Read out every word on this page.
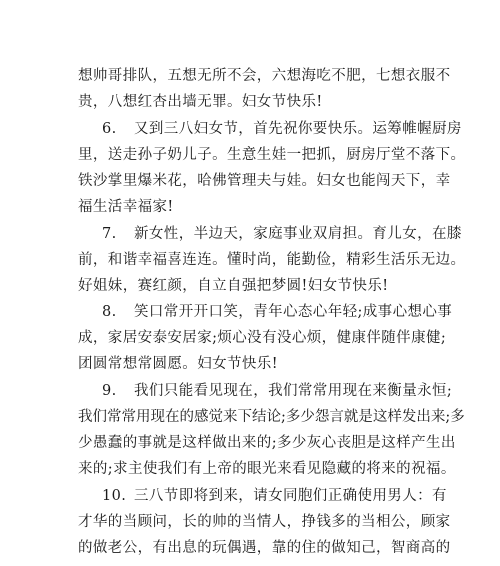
想帅哥排队，五想无所不会，六想海吃不肥，七想衣服不
贵，八想红杏出墙无罪。妇女节快乐!
6. 又到三八妇女节，首先祝你要快乐。运筹帷幄厨房
里，送走孙子奶儿子。生意生娃一把抓，厨房厅堂不落下。
铁沙掌里爆米花，哈佛管理夫与娃。妇女也能闯天下，幸
福生活幸福家!
7. 新女性，半边天，家庭事业双肩担。育儿女，在膝
前，和谐幸福喜连连。懂时尚，能勤俭，精彩生活乐无边。
好姐妹，赛红颜，自立自强把梦圆!妇女节快乐!
8. 笑口常开开口笑，青年心态心年轻;成事心想心事
成，家居安泰安居家;烦心没有没心烦，健康伴随伴康健;
团圆常想常圆愿。妇女节快乐!
9. 我们只能看见现在，我们常常用现在来衡量永恒;
我们常常用现在的感觉来下结论;多少怨言就是这样发出来;多
少愚蠢的事就是这样做出来的;多少灰心丧胆是这样产生出
来的;求主使我们有上帝的眼光来看见隐藏的将来的祝福。
10. 三八节即将到来，请女同胞们正确使用男人：有
才华的当顾问，长的帅的当情人，挣钱多的当相公，顾家
的做老公，有出息的玩偶遇，靠的住的做知己，智商高的
